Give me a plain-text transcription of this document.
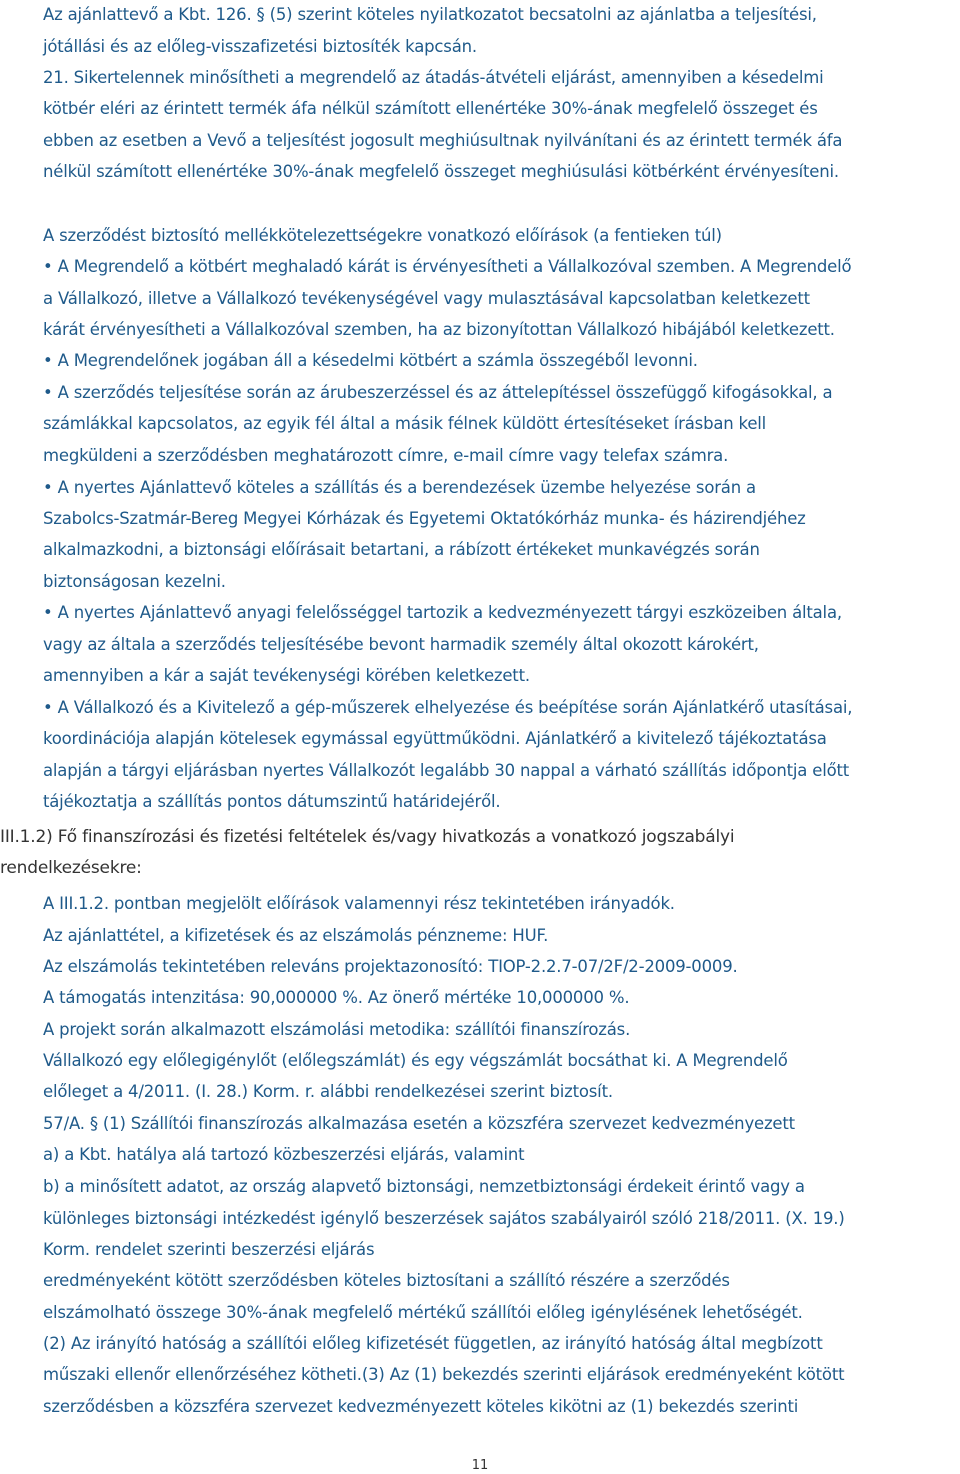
Az ajánlattevő a Kbt. 126. § (5) szerint köteles nyilatkozatot becsatolni az ajánlatba a teljesítési,
jótállási és az előleg-visszafizetési biztosíték kapcsán.
21. Sikertelennek minősítheti a megrendelő az átadás-átvételi eljárást, amennyiben a késedelmi
kötbér eléri az érintett termék áfa nélkül számított ellenértéke 30%-ának megfelelő összeget és
ebben az esetben a Vevő a teljesítést jogosult meghiúsultnak nyilvánítani és az érintett termék áfa
nélkül számított ellenértéke 30%-ának megfelelő összeget meghiúsulási kötbérként érvényesíteni.
A szerződést biztosító mellékkötelezettségekre vonatkozó előírások (a fentieken túl)
• A Megrendelő a kötbért meghaladó kárát is érvényesítheti a Vállalkozóval szemben. A Megrendelő
a Vállalkozó, illetve a Vállalkozó tevékenységével vagy mulasztásával kapcsolatban keletkezett
kárát érvényesítheti a Vállalkozóval szemben, ha az bizonyítottan Vállalkozó hibájából keletkezett.
• A Megrendelőnek jogában áll a késedelmi kötbért a számla összegéből levonni.
• A szerződés teljesítése során az árubeszerzéssel és az áttelepítéssel összefüggő kifogásokkal, a
számlákkal kapcsolatos, az egyik fél által a másik félnek küldött értesítéseket írásban kell
megküldeni a szerződésben meghatározott címre, e-mail címre vagy telefax számra.
• A nyertes Ajánlattevő köteles a szállítás és a berendezések üzembe helyezése során a
Szabolcs-Szatmár-Bereg Megyei Kórházak és Egyetemi Oktatókórház munka- és házirendjéhez
alkalmazkodni, a biztonsági előírásait betartani, a rábízott értékeket munkavégzés során
biztonságosan kezelni.
• A nyertes Ajánlattevő anyagi felelősséggel tartozik a kedvezményezett tárgyi eszközeiben általa,
vagy az általa a szerződés teljesítésébe bevont harmadik személy által okozott károkért,
amennyiben a kár a saját tevékenységi körében keletkezett.
• A Vállalkozó és a Kivitelező a gép-műszerek elhelyezése és beépítése során Ajánlatkérő utasításai,
koordinációja alapján kötelesek egymással együttműködni. Ajánlatkérő a kivitelező tájékoztatása
alapján a tárgyi eljárásban nyertes Vállalkozót legalább 30 nappal a várható szállítás időpontja előtt
tájékoztatja a szállítás pontos dátumszintű határidejéről.
III.1.2) Fő finanszírozási és fizetési feltételek és/vagy hivatkozás a vonatkozó jogszabályi
rendelkezésekre:
A III.1.2. pontban megjelölt előírások valamennyi rész tekintetében irányadók.
Az ajánlattétel, a kifizetések és az elszámolás pénzneme: HUF.
Az elszámolás tekintetében releváns projektazonosító: TIOP-2.2.7-07/2F/2-2009-0009.
A támogatás intenzitása: 90,000000 %. Az önerő mértéke 10,000000 %.
A projekt során alkalmazott elszámolási metodika: szállítói finanszírozás.
Vállalkozó egy előlegigénylőt (előlegszámlát) és egy végszámlát bocsáthat ki. A Megrendelő
előleget a 4/2011. (I. 28.) Korm. r. alábbi rendelkezései szerint biztosít.
57/A. § (1) Szállítói finanszírozás alkalmazása esetén a közszféra szervezet kedvezményezett
a) a Kbt. hatálya alá tartozó közbeszerzési eljárás, valamint
b) a minősített adatot, az ország alapvető biztonsági, nemzetbiztonsági érdekeit érintő vagy a
különleges biztonsági intézkedést igénylő beszerzések sajátos szabályairól szóló 218/2011. (X. 19.)
Korm. rendelet szerinti beszerzési eljárás
eredményeként kötött szerződésben köteles biztosítani a szállító részére a szerződés
elszámolható összege 30%-ának megfelelő mértékű szállítói előleg igénylésének lehetőségét.
(2) Az irányító hatóság a szállítói előleg kifizetését független, az irányító hatóság által megbízott
műszaki ellenőr ellenőrzéséhez kötheti.(3) Az (1) bekezdés szerinti eljárások eredményeként kötött
szerződésben a közszféra szervezet kedvezményezett köteles kikötni az (1) bekezdés szerinti
11
